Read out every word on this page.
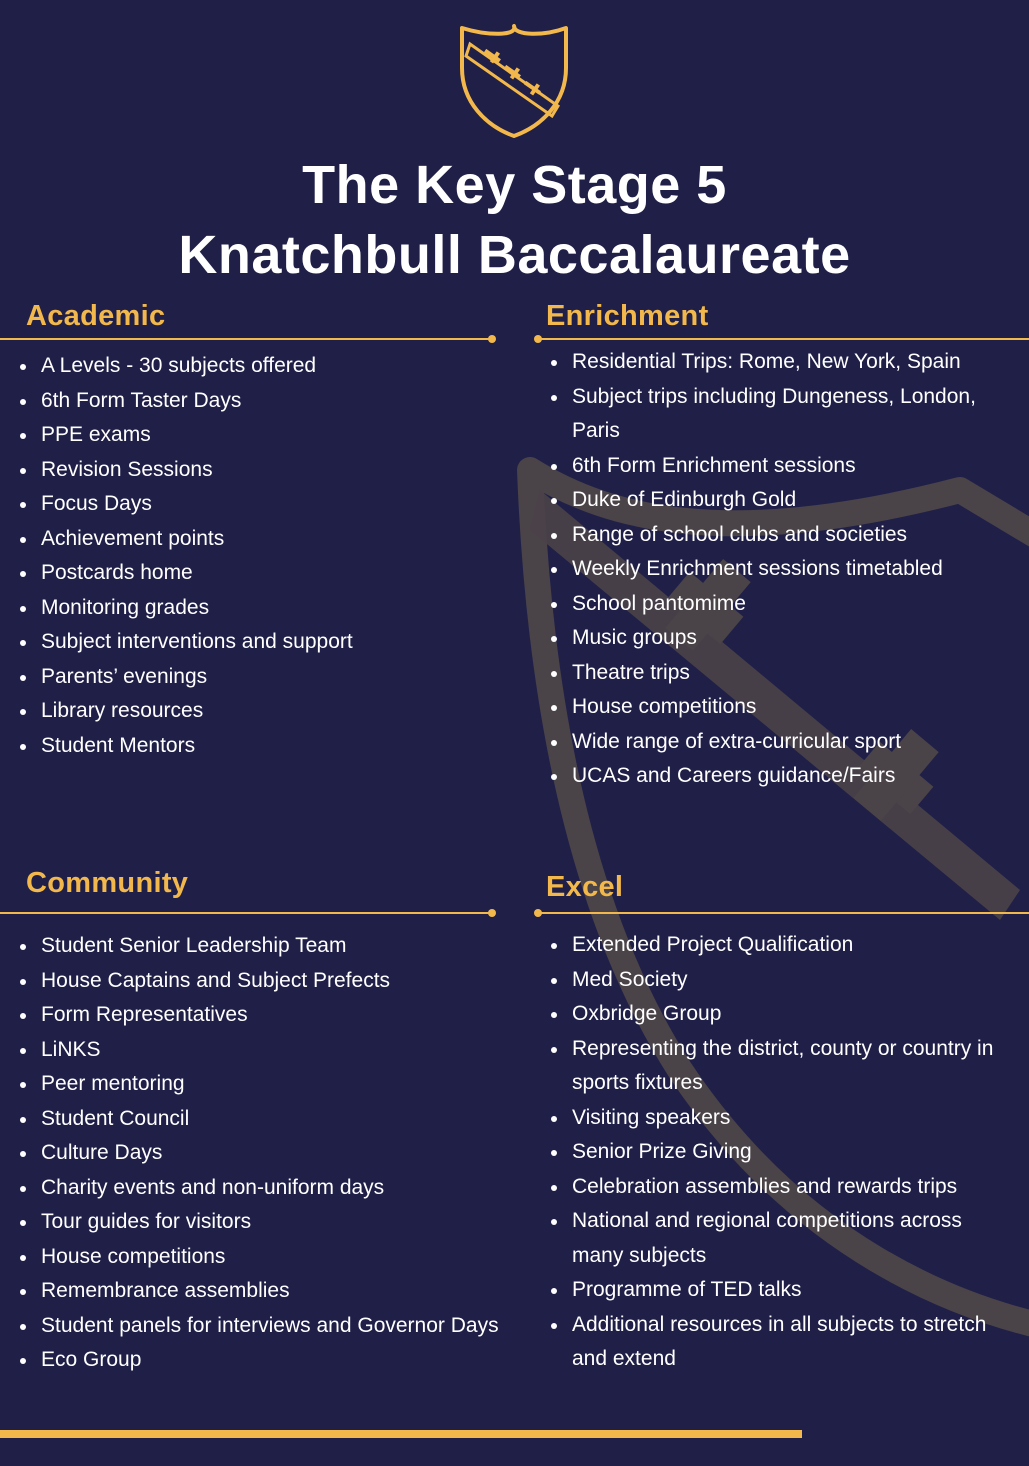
The Key Stage 5
Knatchbull Baccalaureate
Academic
A Levels - 30 subjects offered
6th Form Taster Days
PPE exams
Revision Sessions
Focus Days
Achievement points
Postcards home
Monitoring grades
Subject interventions and support
Parents’ evenings
Library resources
Student Mentors
Enrichment
Residential Trips: Rome, New York, Spain
Subject trips including Dungeness, London, Paris
6th Form Enrichment sessions
Duke of Edinburgh Gold
Range of school clubs and societies
Weekly Enrichment sessions timetabled
School pantomime
Music groups
Theatre trips
House competitions
Wide range of extra-curricular sport
UCAS and Careers guidance/Fairs
Community
Student Senior Leadership Team
House Captains and Subject Prefects
Form Representatives
LiNKS
Peer mentoring
Student Council
Culture Days
Charity events and non-uniform days
Tour guides for visitors
House competitions
Remembrance assemblies
Student panels for interviews and Governor Days
Eco Group
Excel
Extended Project Qualification
Med Society
Oxbridge Group
Representing the district, county or country in sports fixtures
Visiting speakers
Senior Prize Giving
Celebration assemblies and rewards trips
National and regional competitions across many subjects
Programme of TED talks
Additional resources in all subjects to stretch and extend
